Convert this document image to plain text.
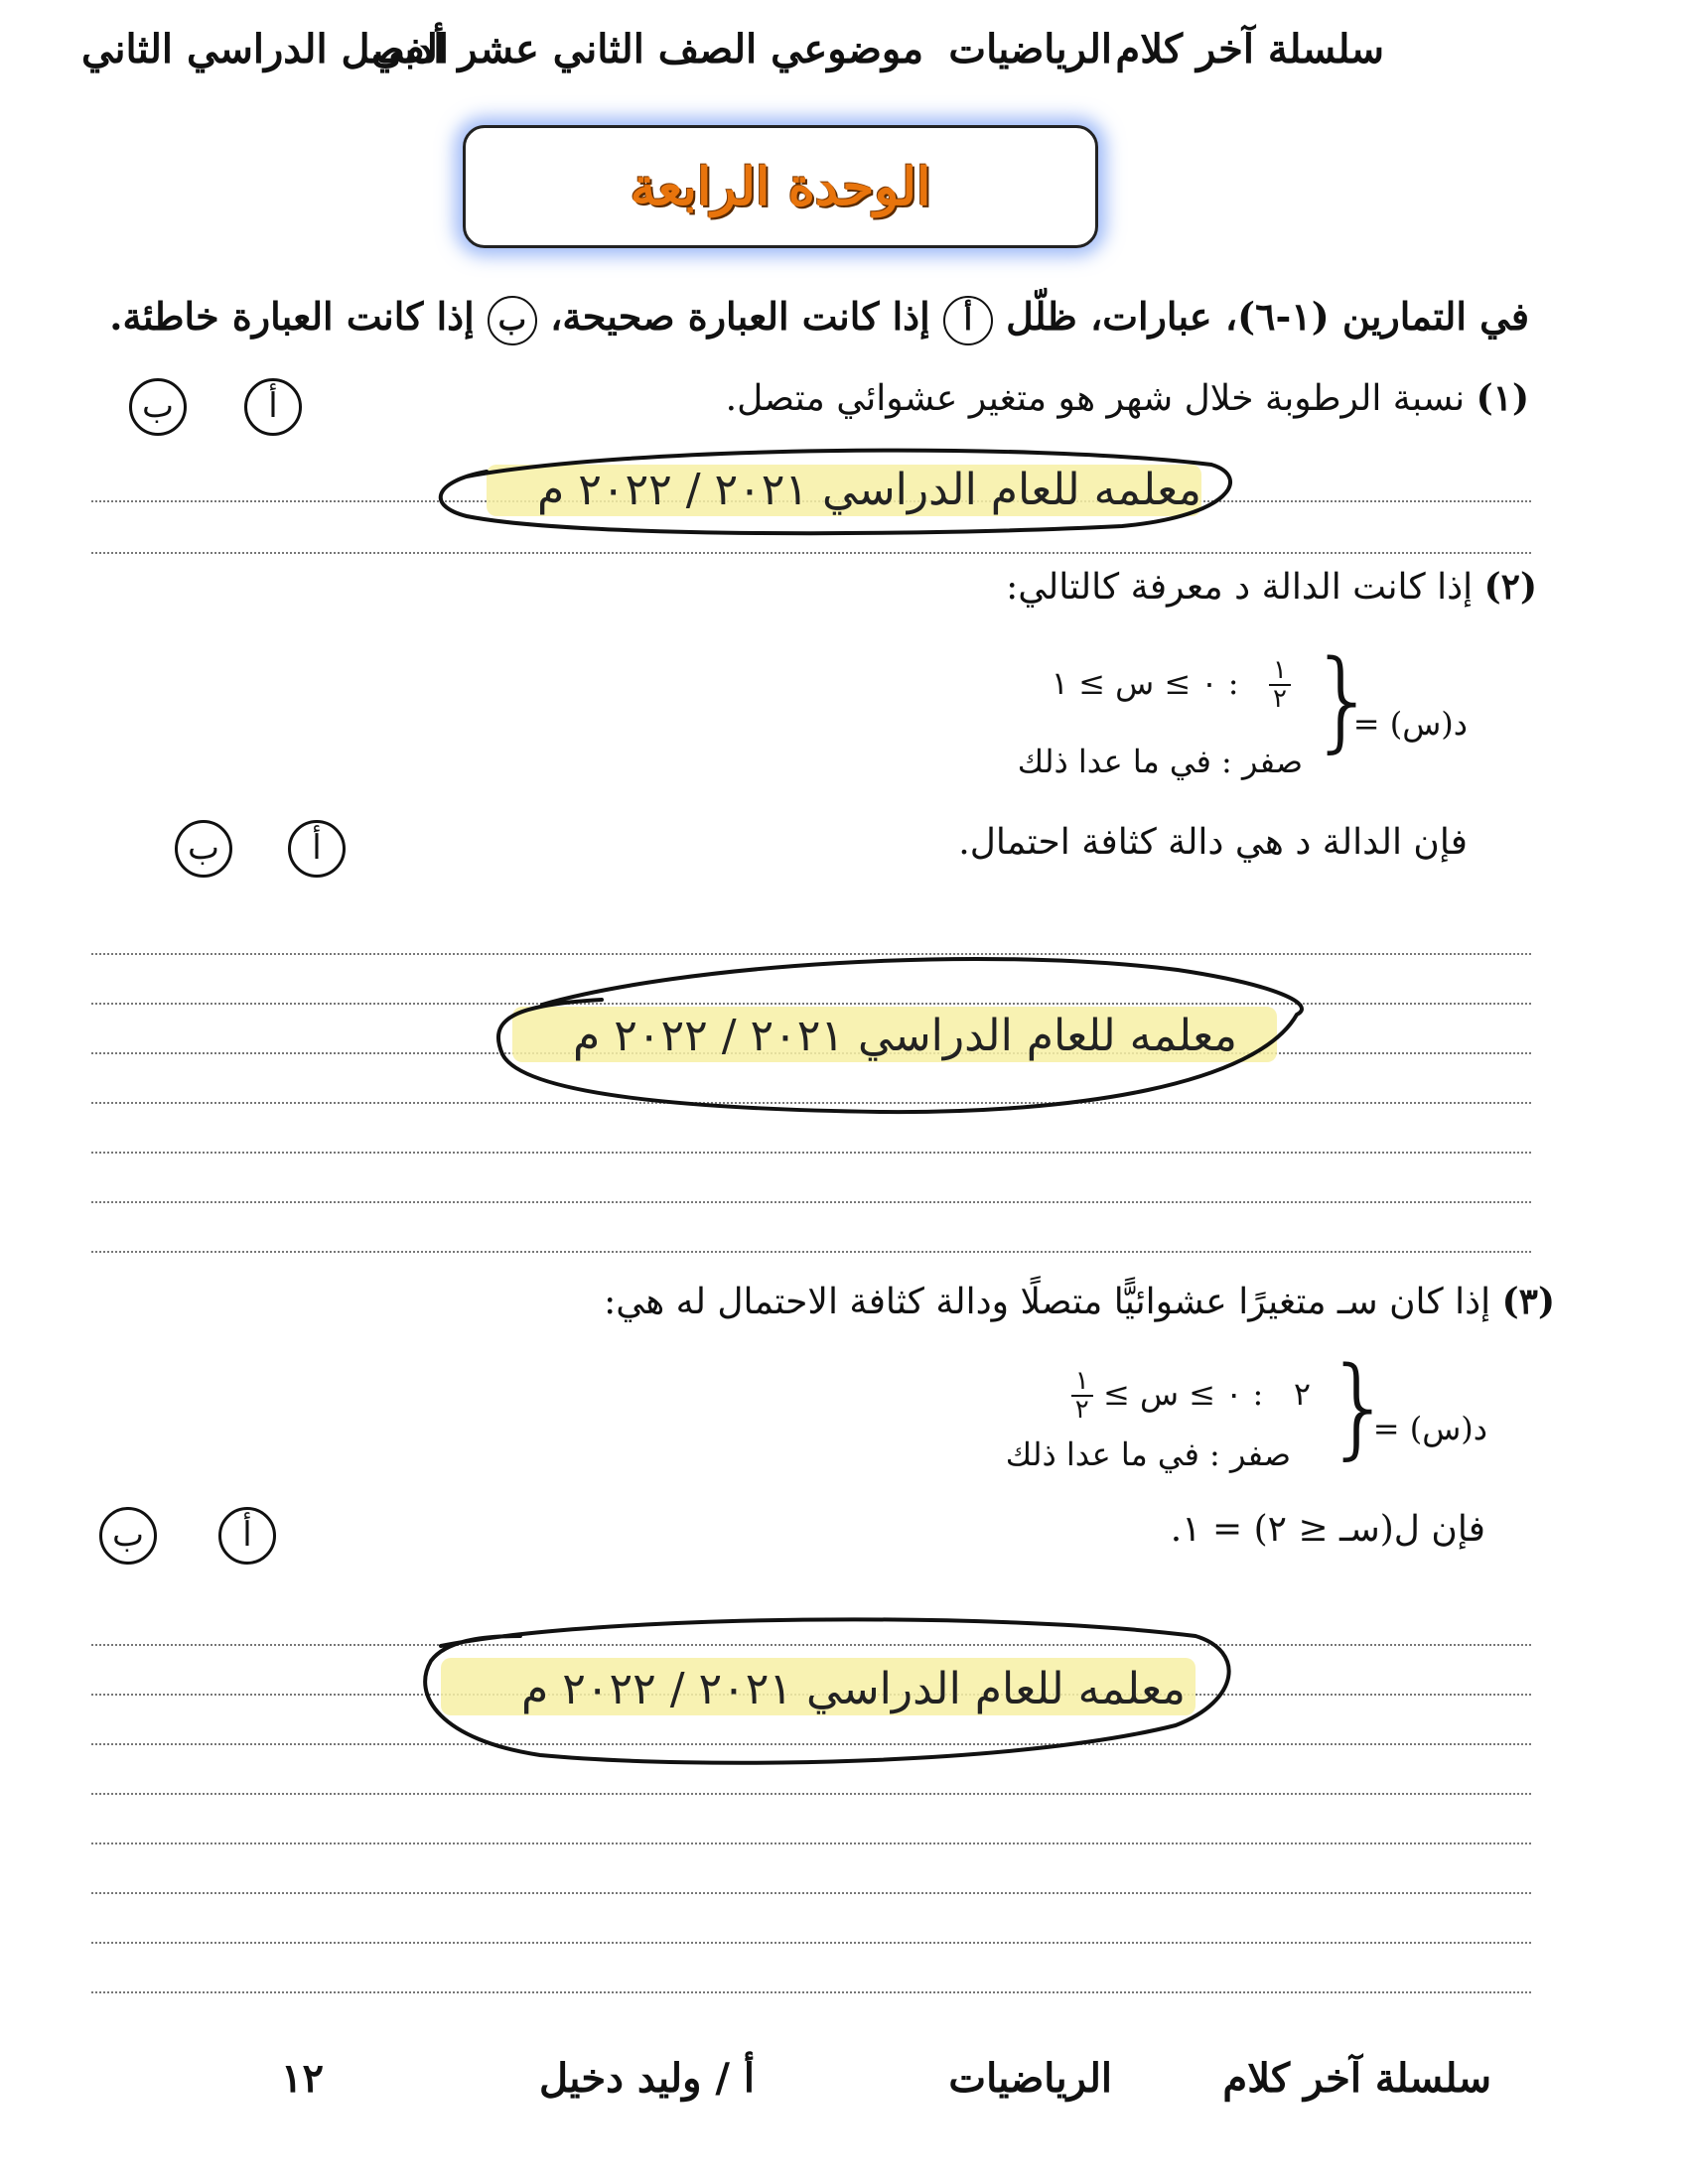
سلسلة آخر كلام
الرياضيات
موضوعي الصف الثاني عشر أدبي
الفصل الدراسي الثاني
الوحدة الرابعة
في التمارين (١-٦)، عبارات، ظلّل أ إذا كانت العبارة صحيحة، ب إذا كانت العبارة خاطئة.
(١) نسبة الرطوبة خلال شهر هو متغير عشوائي متصل.
أ
ب
معلمه للعام الدراسي ٢٠٢١ / ٢٠٢٢ م
(٢) إذا كانت الدالة د معرفة كالتالي:
د(س) =
}
$\frac{١}{٢}$
: ٠ ≥ س ≥ ١
صفر : في ما عدا ذلك
فإن الدالة د هي دالة كثافة احتمال.
أ
ب
معلمه للعام الدراسي ٢٠٢١ / ٢٠٢٢ م
(٣) إذا كان سـ متغيرًا عشوائيًّا متصلًا ودالة كثافة الاحتمال له هي:
د(س) =
}
٢   : ٠ ≥ س ≥
$\frac{١}{٢}$
صفر : في ما عدا ذلك
فإن ل(سـ ≤ ٢) = ١.
أ
ب
معلمه للعام الدراسي ٢٠٢١ / ٢٠٢٢ م
سلسلة آخر كلام
الرياضيات
أ / وليد دخيل
١٢
